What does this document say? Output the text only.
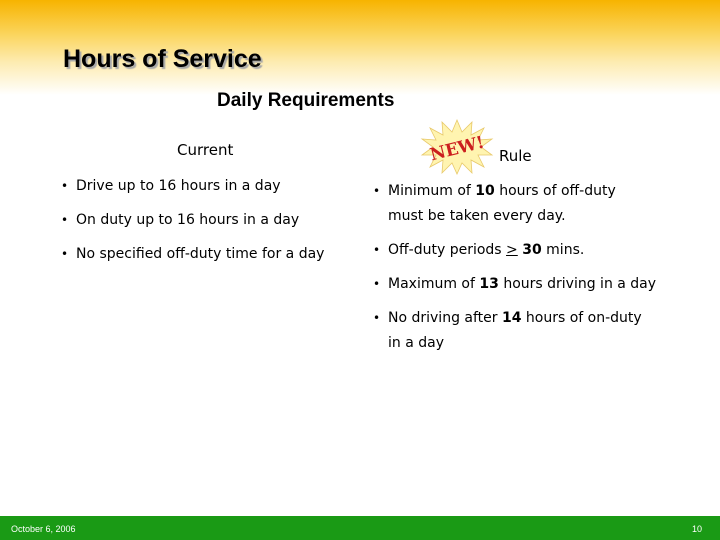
Hours of Service
Daily Requirements
Current	NEW! Rule
• Drive up to 16 hours in a day
• On duty up to 16 hours in a day
• No specified off-duty time for a day
• Minimum of 10 hours of off-duty
must be taken every day.
• Off-duty periods > 30 mins.
• Maximum of 13 hours driving in a day
• No driving after 14 hours of on-duty
in a day
October 6, 2006	10
